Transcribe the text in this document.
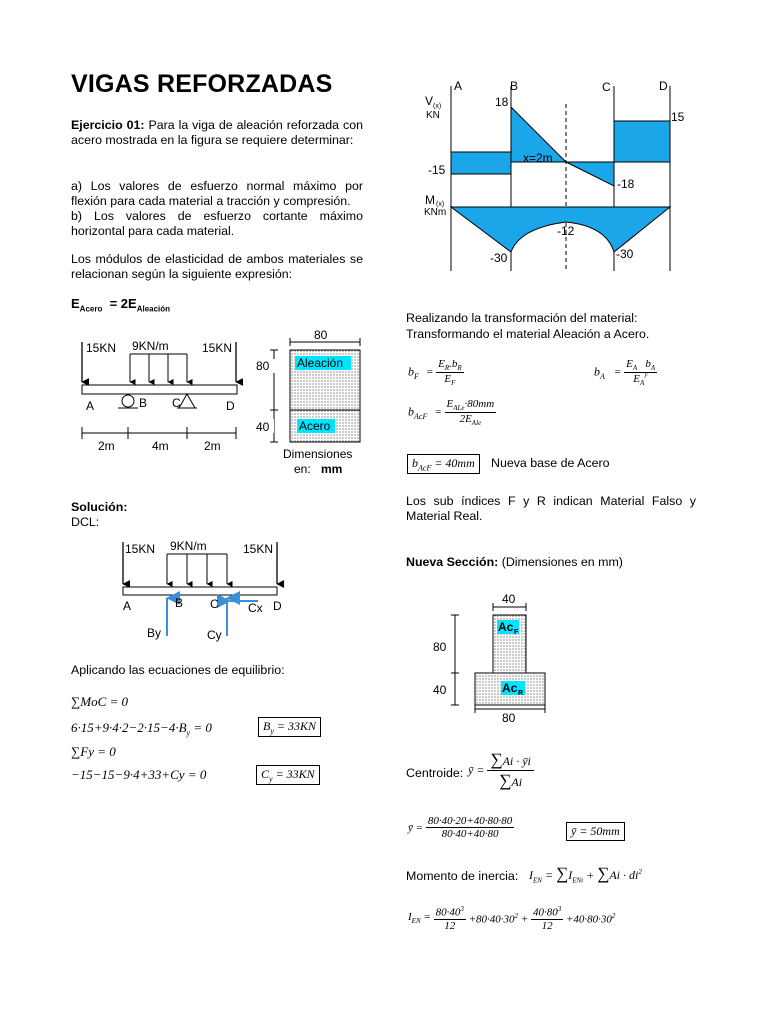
VIGAS REFORZADAS
Ejercicio 01: Para la viga de aleación reforzada con acero mostrada en la figura se requiere determinar:
a) Los valores de esfuerzo normal máximo por flexión para cada material a tracción y compresión.
b) Los valores de esfuerzo cortante máximo horizontal para cada material.
Los módulos de elasticidad de ambos materiales se relacionan según la siguiente expresión:
$E_{Acero} = 2E_{Aleación}$
15KN 9KN/m	15KN
A	B C	D
2m	4m	2m
80
80
40
Aleación
Acero
Dimensiones
en: mm
Solución:
DCL:
15KN 9KN/m	15KN
A	B C	D
Cx
By	Cy
Aplicando las ecuaciones de equilibrio:
∑MoC = 0
$6\cdot 15+9\cdot 4\cdot 2-2\cdot 15-4\cdot B_y = 0$	$B_y = 33KN$
∑Fy = 0
−15−15−9·4+33+Cy = 0	$C_y = 33KN$
A	B	C	D
V (x)
KN
18
15
-15
-18
x=2m
M (x)
KNm
-12
-30	-30
Realizando la transformación del material:
Transformando el material Aleación a Acero.
$b_F = \frac{E_R.b_R}{E_F}$	$b_A$ =
$E_A$   $b_A$
$E_A^F$
$b_{AcF}$ =
$E_{ALe}\cdot 80mm$
$2E_{Ale}$
$b_{AcF} = 40mm$	Nueva base de Acero
Los sub índices F y R indican Material Falso y Material Real.
Nueva Sección: (Dimensiones en mm)
40
80
40
80
Ac F
Ac R
Centroide: ȳ = $\frac{\sum Ai \cdot ȳi}{\sum Ai}$
ȳ = $\frac{80\cdot 40\cdot 20+40\cdot 80\cdot 80}{80\cdot 40+40\cdot 80}$	ȳ = 50mm
Momento de inercia: $I_{EN} = \sum I_{ENi} + \sum Ai \cdot di^2$
$I_{EN} = \frac{80\cdot 40^3}{12} +80\cdot 40\cdot 30^2 + \frac{40\cdot 80^3}{12} +40\cdot 80\cdot 30^2$
